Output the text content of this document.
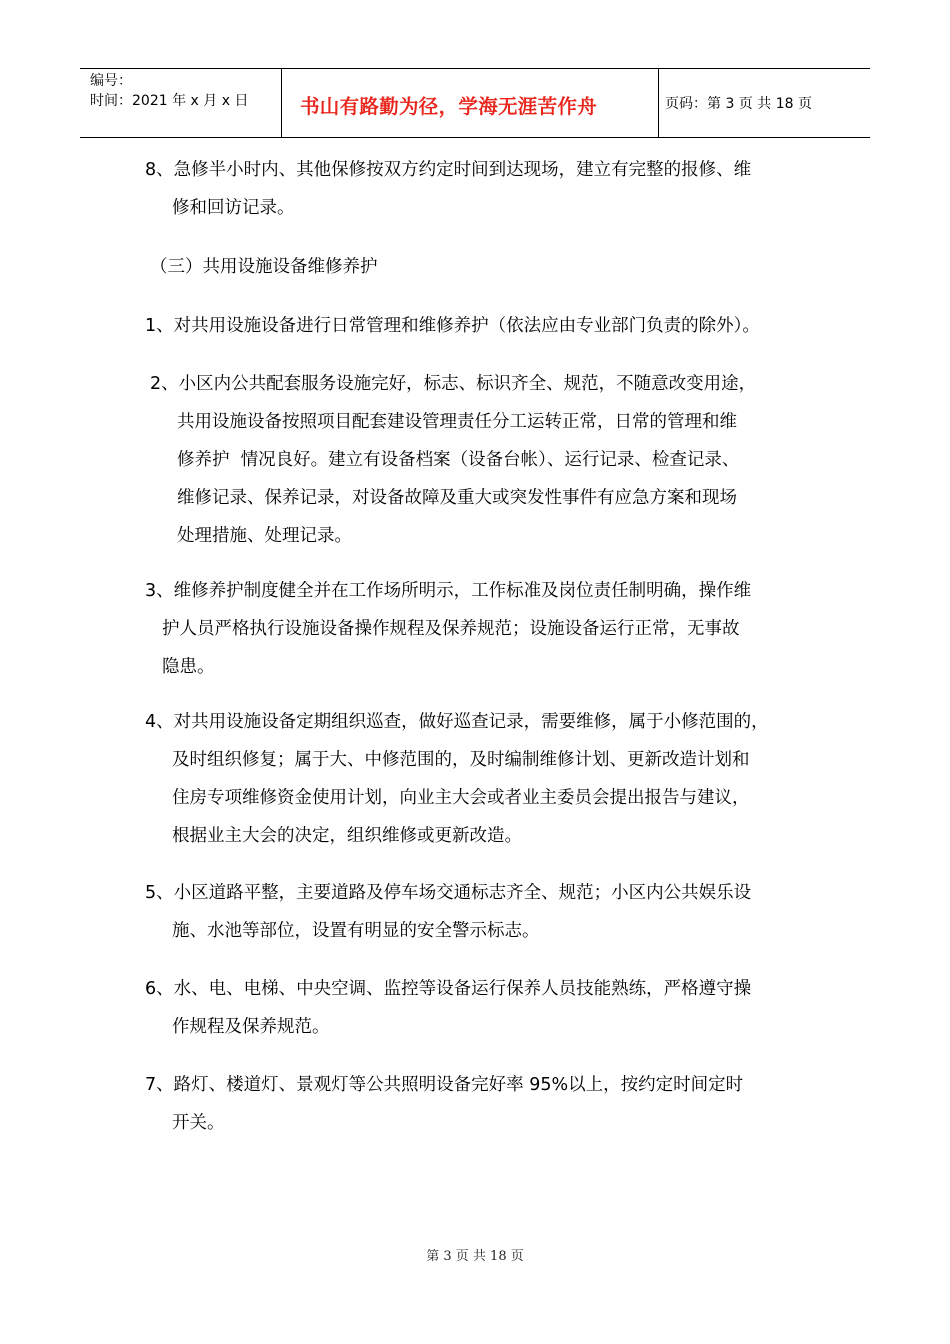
编号：
时间：2021 年 x 月 x 日	书山有路勤为径，学海无涯苦作舟	页码：第 3 页 共 18 页
8、急修半小时内、其他保修按双方约定时间到达现场，建立有完整的报修、维
修和回访记录。
（三）共用设施设备维修养护
1、对共用设施设备进行日常管理和维修养护（依法应由专业部门负责的除外）。
2、小区内公共配套服务设施完好，标志、标识齐全、规范，不随意改变用途，
共用设施设备按照项目配套建设管理责任分工运转正常，日常的管理和维
修养护  情况良好。建立有设备档案（设备台帐）、运行记录、检查记录、
维修记录、保养记录，对设备故障及重大或突发性事件有应急方案和现场
处理措施、处理记录。
3、维修养护制度健全并在工作场所明示，工作标准及岗位责任制明确，操作维
护人员严格执行设施设备操作规程及保养规范；设施设备运行正常，无事故
隐患。
4、对共用设施设备定期组织巡查，做好巡查记录，需要维修，属于小修范围的，
及时组织修复；属于大、中修范围的，及时编制维修计划、更新改造计划和
住房专项维修资金使用计划，向业主大会或者业主委员会提出报告与建议，
根据业主大会的决定，组织维修或更新改造。
5、小区道路平整，主要道路及停车场交通标志齐全、规范；小区内公共娱乐设
施、水池等部位，设置有明显的安全警示标志。
6、水、电、电梯、中央空调、监控等设备运行保养人员技能熟练，严格遵守操
作规程及保养规范。
7、路灯、楼道灯、景观灯等公共照明设备完好率 95%以上，按约定时间定时
开关。
第 3 页 共 18 页
